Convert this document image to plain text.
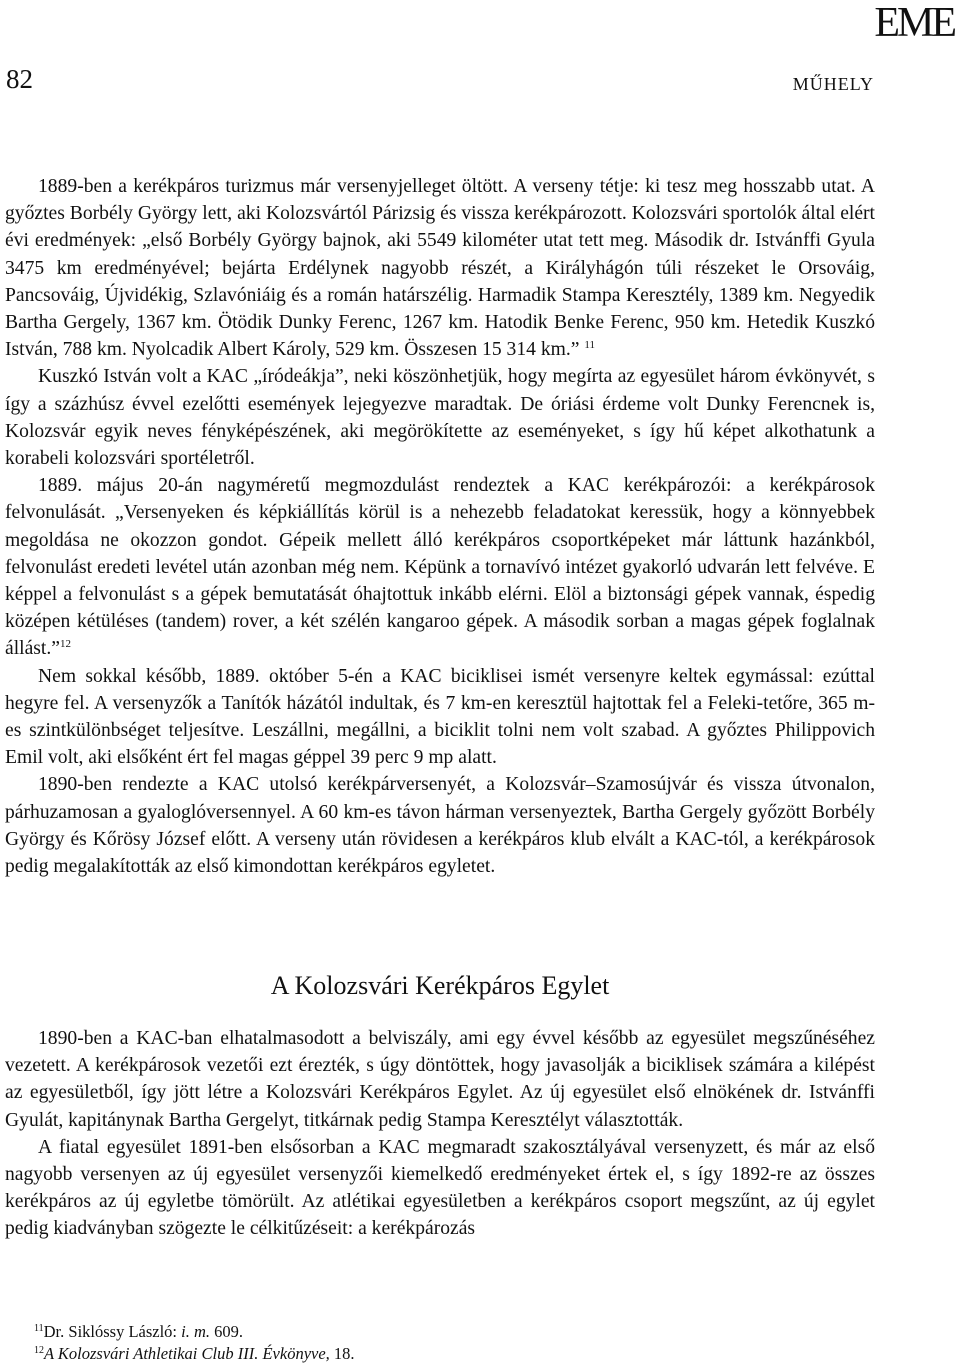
EME
82	MŰHELY

1889-ben a kerékpáros turizmus már versenyjelleget öltött. A verseny tétje: ki tesz meg hosszabb utat. A győztes Borbély György lett, aki Kolozsvártól Párizsig és vissza kerékpározott. Kolozsvári sportolók által elért évi eredmények: „első Borbély György bajnok, aki 5549 kilométer utat tett meg. Második dr. Istvánffi Gyula 3475 km eredményével; bejárta Erdélynek nagyobb részét, a Királyhágón túli részeket le Orsováig, Pancsováig, Újvidékig, Szlavóniáig és a román határszélig. Harmadik Stampa Keresztély, 1389 km. Negyedik Bartha Gergely, 1367 km. Ötödik Dunky Ferenc, 1267 km. Hatodik Benke Ferenc, 950 km. Hetedik Kuszkó István, 788 km. Nyolcadik Albert Károly, 529 km. Összesen 15 314 km.” $^{11}$

Kuszkó István volt a KAC „íródeákja”, neki köszönhetjük, hogy megírta az egyesület három évkönyvét, s így a százhúsz évvel ezelőtti események lejegyezve maradtak. De óriási érdeme volt Dunky Ferencnek is, Kolozsvár egyik neves fényképészének, aki megörökítette az eseményeket, s így hű képet alkothatunk a korabeli kolozsvári sportéletről.

1889. május 20-án nagyméretű megmozdulást rendeztek a KAC kerékpározói: a kerékpárosok felvonulását. „Versenyeken és képkiállítás körül is a nehezebb feladatokat keressük, hogy a könnyebbek megoldása ne okozzon gondot. Gépeik mellett álló kerékpáros csoportképeket már láttunk hazánkból, felvonulást eredeti levétel után azonban még nem. Képünk a tornavívó intézet gyakorló udvarán lett felvéve. E képpel a felvonulást s a gépek bemutatását óhajtottuk inkább elérni. Elöl a biztonsági gépek vannak, éspedig középen kétüléses (tandem) rover, a két szélén kangaroo gépek. A második sorban a magas gépek foglalnak állást.”$^{12}$

Nem sokkal később, 1889. október 5-én a KAC biciklisei ismét versenyre keltek egymással: ezúttal hegyre fel. A versenyzők a Tanítók házától indultak, és 7 km-en keresztül hajtottak fel a Feleki-tetőre, 365 m-es szintkülönbséget teljesítve. Leszállni, megállni, a biciklit tolni nem volt szabad. A győztes Philippovich Emil volt, aki elsőként ért fel magas géppel 39 perc 9 mp alatt.

1890-ben rendezte a KAC utolsó kerékpárversenyét, a Kolozsvár–Szamosújvár és vissza útvonalon, párhuzamosan a gyaloglóversennyel. A 60 km-es távon hárman versenyeztek, Bartha Gergely győzött Borbély György és Kőrösy József előtt. A verseny után rövidesen a kerékpáros klub elvált a KAC-tól, a kerékpárosok pedig megalakították az első kimondottan kerékpáros egyletet.

A Kolozsvári Kerékpáros Egylet

1890-ben a KAC-ban elhatalmasodott a belviszály, ami egy évvel később az egyesület megszűnéséhez vezetett. A kerékpárosok vezetői ezt érezték, s úgy döntöttek, hogy javasolják a biciklisek számára a kilépést az egyesületből, így jött létre a Kolozsvári Kerékpáros Egylet. Az új egyesület első elnökének dr. Istvánffi Gyulát, kapitánynak Bartha Gergelyt, titkárnak pedig Stampa Keresztélyt választották.

A fiatal egyesület 1891-ben elsősorban a KAC megmaradt szakosztályával versenyzett, és már az első nagyobb versenyen az új egyesület versenyzői kiemelkedő eredményeket értek el, s így 1892-re az összes kerékpáros az új egyletbe tömörült. Az atlétikai egyesületben a kerékpáros csoport megszűnt, az új egylet pedig kiadványban szögezte le célkitűzéseit: a kerékpározás

$^{11}$Dr. Siklóssy László: i. m. 609.
$^{12}$A Kolozsvári Athletikai Club III. Évkönyve, 18.
